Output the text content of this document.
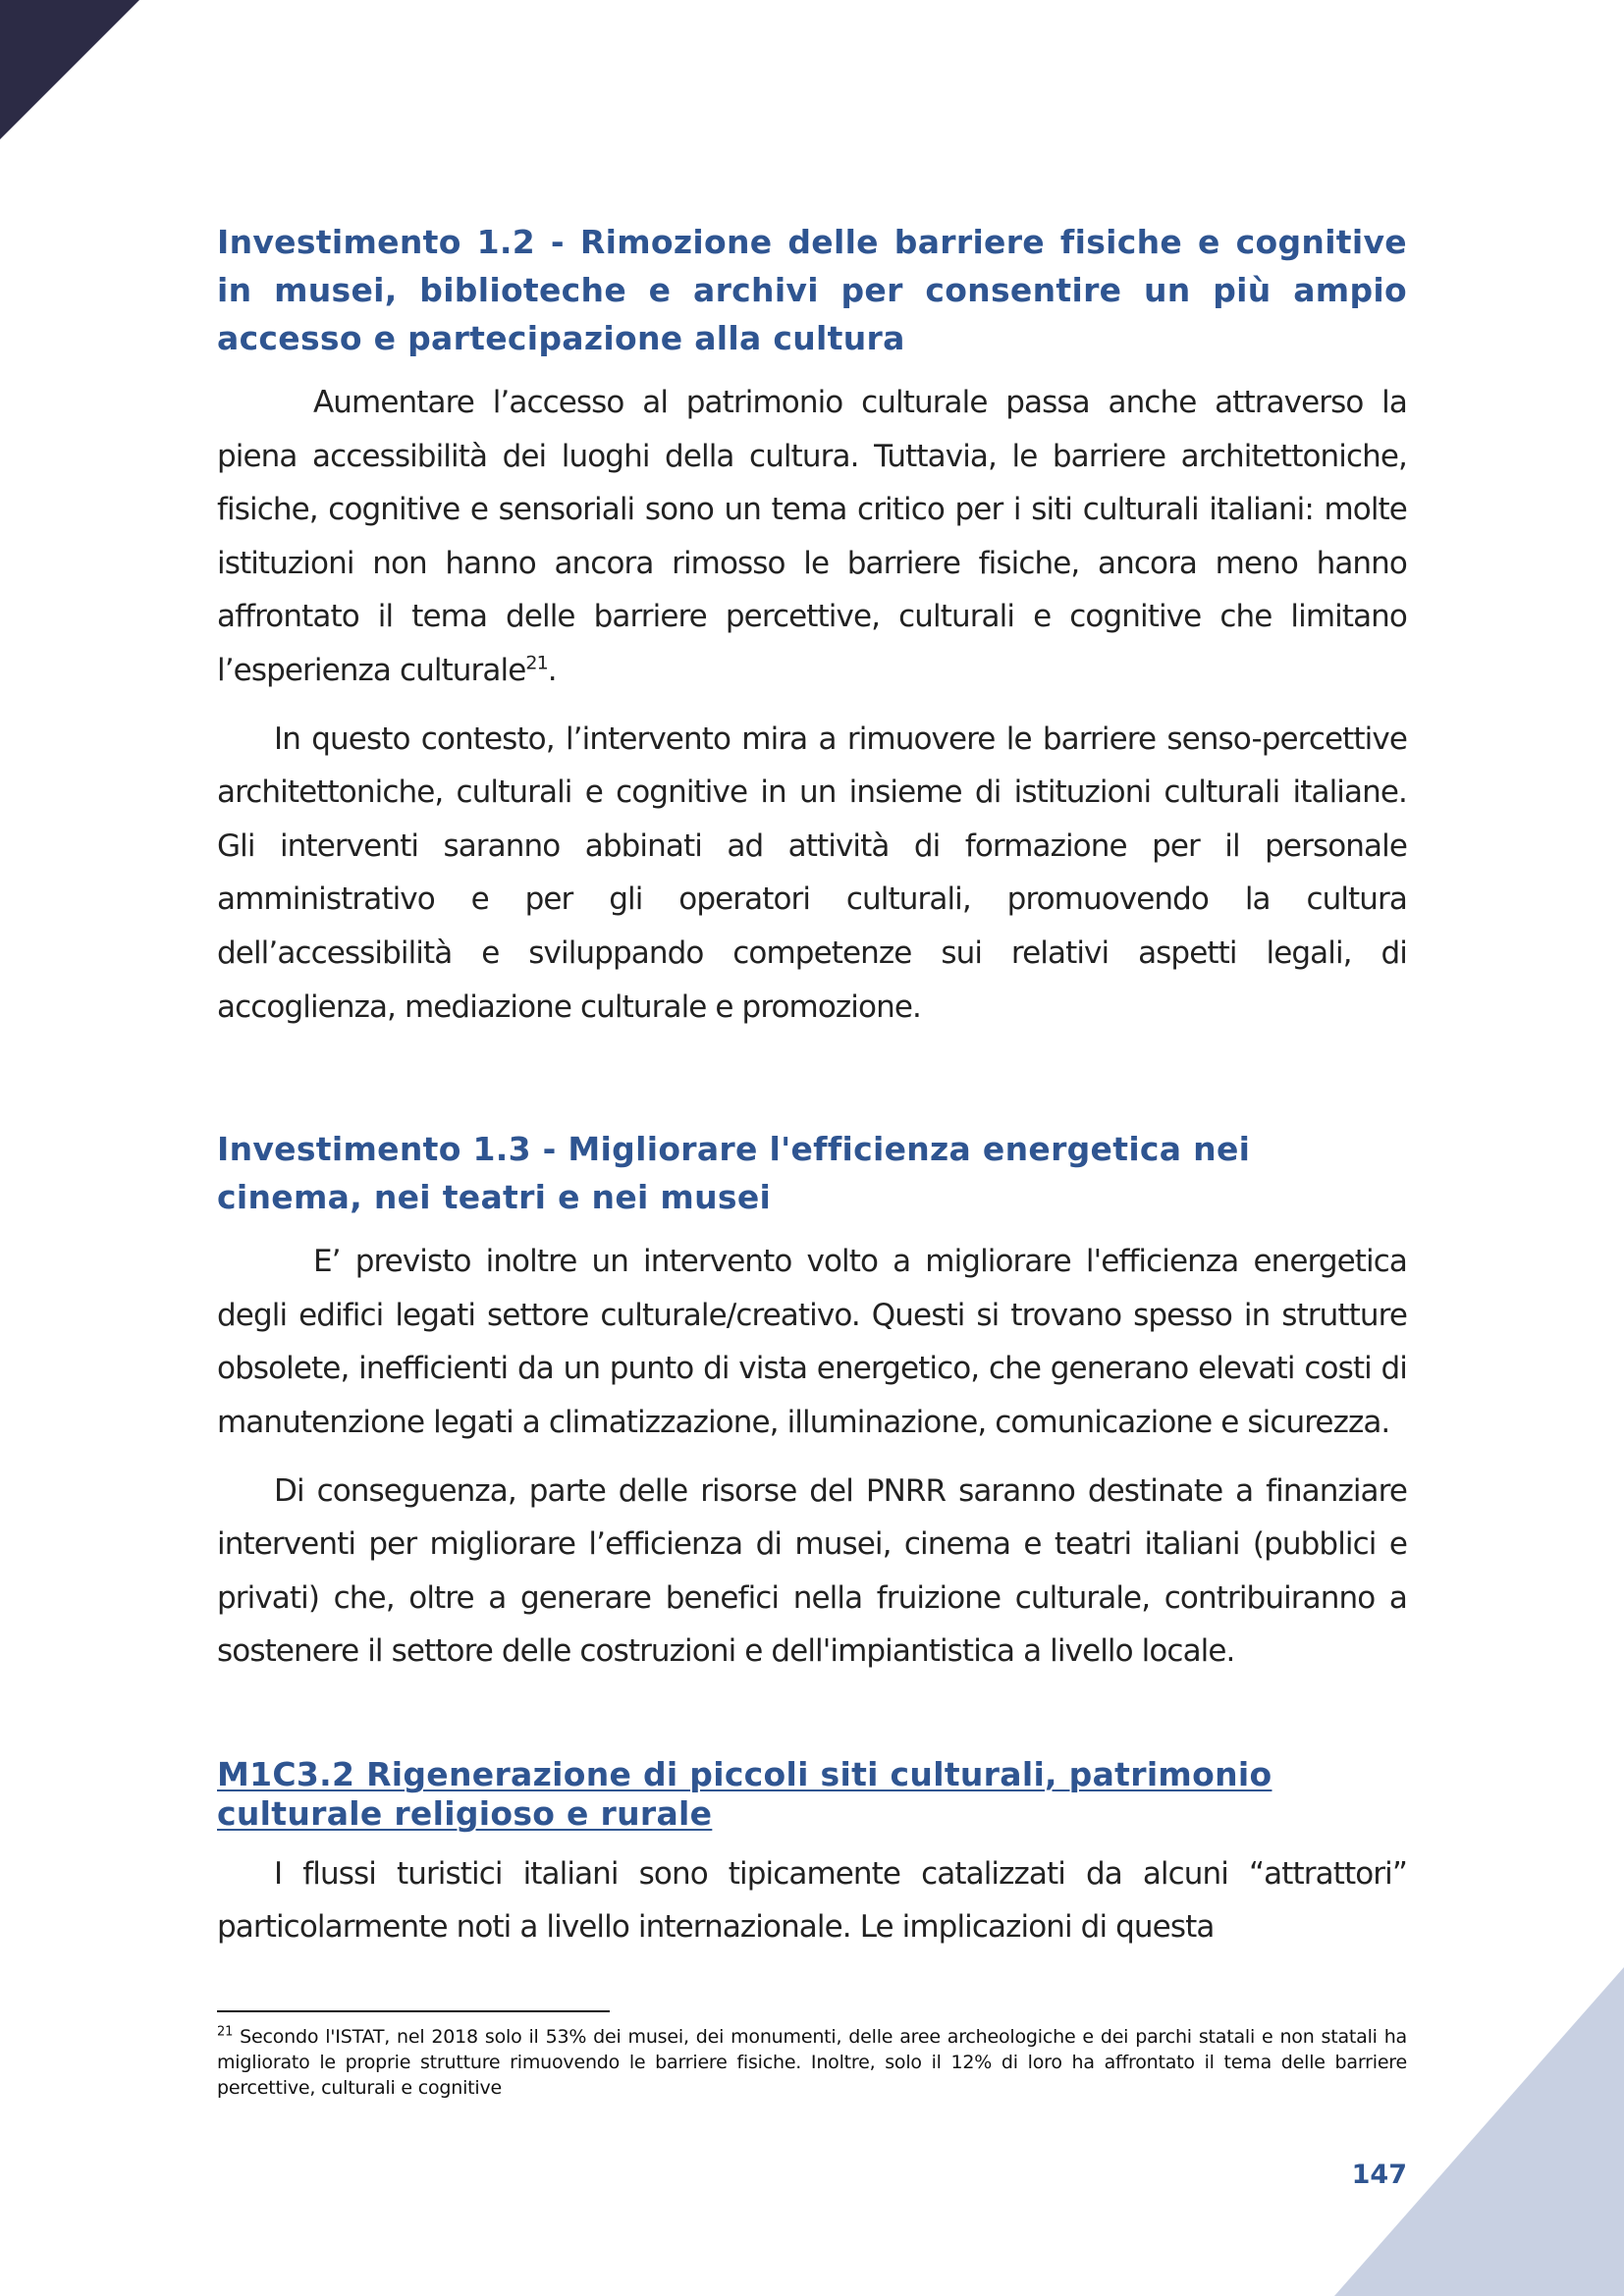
Investimento 1.2 - Rimozione delle barriere fisiche e cognitive in musei, biblioteche e archivi per consentire un più ampio accesso e partecipazione alla cultura

Aumentare l’accesso al patrimonio culturale passa anche attraverso la piena accessibilità dei luoghi della cultura. Tuttavia, le barriere architettoniche, fisiche, cognitive e sensoriali sono un tema critico per i siti culturali italiani: molte istituzioni non hanno ancora rimosso le barriere fisiche, ancora meno hanno affrontato il tema delle barriere percettive, culturali e cognitive che limitano l’esperienza culturale$^{21}$.

In questo contesto, l’intervento mira a rimuovere le barriere senso-percettive architettoniche, culturali e cognitive in un insieme di istituzioni culturali italiane. Gli interventi saranno abbinati ad attività di formazione per il personale amministrativo e per gli operatori culturali, promuovendo la cultura dell’accessibilità e sviluppando competenze sui relativi aspetti legali, di accoglienza, mediazione culturale e promozione.

Investimento 1.3 - Migliorare l'efficienza energetica nei cinema, nei teatri e nei musei

E’ previsto inoltre un intervento volto a migliorare l'efficienza energetica degli edifici legati settore culturale/creativo. Questi si trovano spesso in strutture obsolete, inefficienti da un punto di vista energetico, che generano elevati costi di manutenzione legati a climatizzazione, illuminazione, comunicazione e sicurezza.

Di conseguenza, parte delle risorse del PNRR saranno destinate a finanziare interventi per migliorare l’efficienza di musei, cinema e teatri italiani (pubblici e privati) che, oltre a generare benefici nella fruizione culturale, contribuiranno a sostenere il settore delle costruzioni e dell'impiantistica a livello locale.

M1C3.2 Rigenerazione di piccoli siti culturali, patrimonio culturale religioso e rurale

I flussi turistici italiani sono tipicamente catalizzati da alcuni “attrattori” particolarmente noti a livello internazionale. Le implicazioni di questa

$^{21}$ Secondo l'ISTAT, nel 2018 solo il 53% dei musei, dei monumenti, delle aree archeologiche e dei parchi statali e non statali ha migliorato le proprie strutture rimuovendo le barriere fisiche. Inoltre, solo il 12% di loro ha affrontato il tema delle barriere percettive, culturali e cognitive
147
